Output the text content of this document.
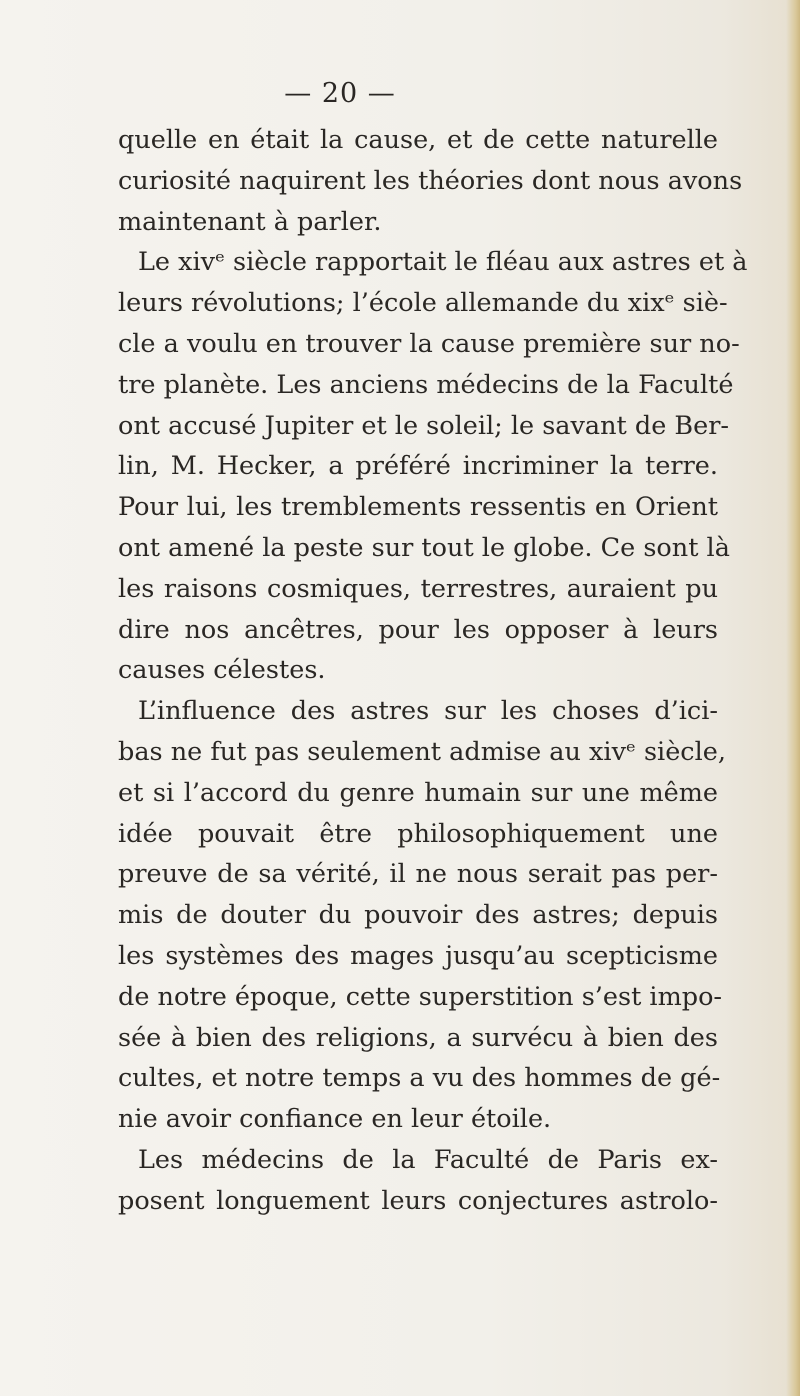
— 20 —
quelle en était la cause, et de cette naturelle
curiosité naquirent les théories dont nous avons
maintenant à parler.
Le xivᵉ siècle rapportait le fléau aux astres et à
leurs révolutions; l’école allemande du xixᵉ siè-
cle a voulu en trouver la cause première sur no-
tre planète. Les anciens médecins de la Faculté
ont accusé Jupiter et le soleil; le savant de Ber-
lin, M. Hecker, a préféré incriminer la terre.
Pour lui, les tremblements ressentis en Orient
ont amené la peste sur tout le globe. Ce sont là
les raisons cosmiques, terrestres, auraient pu
dire nos ancêtres, pour les opposer à leurs
causes célestes.
L’influence des astres sur les choses d’ici-
bas ne fut pas seulement admise au xivᵉ siècle,
et si l’accord du genre humain sur une même
idée pouvait être philosophiquement une
preuve de sa vérité, il ne nous serait pas per-
mis de douter du pouvoir des astres; depuis
les systèmes des mages jusqu’au scepticisme
de notre époque, cette superstition s’est impo-
sée à bien des religions, a survécu à bien des
cultes, et notre temps a vu des hommes de gé-
nie avoir confiance en leur étoile.
Les médecins de la Faculté de Paris ex-
posent longuement leurs conjectures astrolo-
